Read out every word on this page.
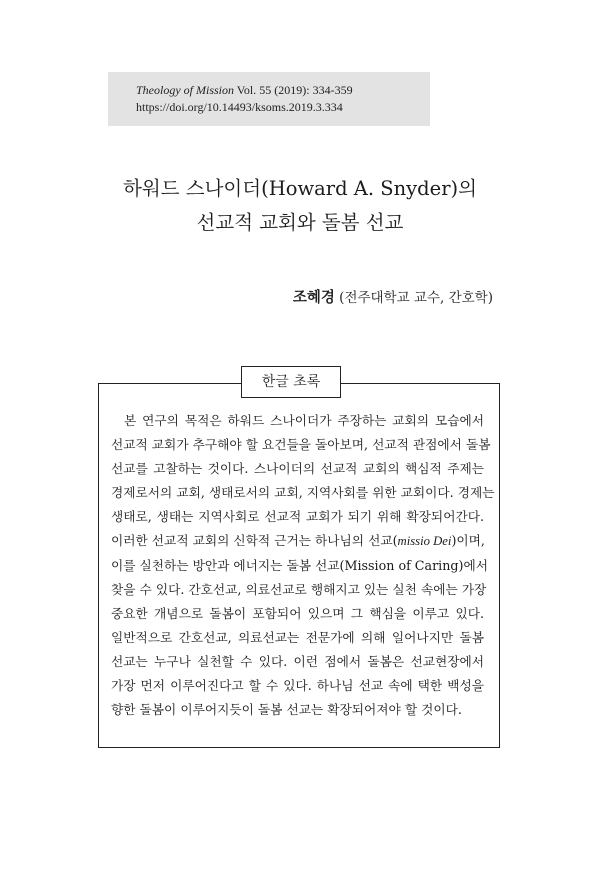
Theology of Mission Vol. 55 (2019): 334-359
https://doi.org/10.14493/ksoms.2019.3.334
하워드 스나이더(Howard A. Snyder)의
선교적 교회와 돌봄 선교
조혜경 (전주대학교 교수, 간호학)
한글 초록
본 연구의 목적은 하워드 스나이더가 주장하는 교회의 모습에서
선교적 교회가 추구해야 할 요건들을 돌아보며, 선교적 관점에서 돌봄
선교를 고찰하는 것이다. 스나이더의 선교적 교회의 핵심적 주제는
경제로서의 교회, 생태로서의 교회, 지역사회를 위한 교회이다. 경제는
생태로, 생태는 지역사회로 선교적 교회가 되기 위해 확장되어간다.
이러한 선교적 교회의 신학적 근거는 하나님의 선교(missio Dei)이며,
이를 실천하는 방안과 에너지는 돌봄 선교(Mission of Caring)에서
찾을 수 있다. 간호선교, 의료선교로 행해지고 있는 실천 속에는 가장
중요한 개념으로 돌봄이 포함되어 있으며 그 핵심을 이루고 있다.
일반적으로 간호선교, 의료선교는 전문가에 의해 일어나지만 돌봄
선교는 누구나 실천할 수 있다. 이런 점에서 돌봄은 선교현장에서
가장 먼저 이루어진다고 할 수 있다. 하나님 선교 속에 택한 백성을
향한 돌봄이 이루어지듯이 돌봄 선교는 확장되어져야 할 것이다.
